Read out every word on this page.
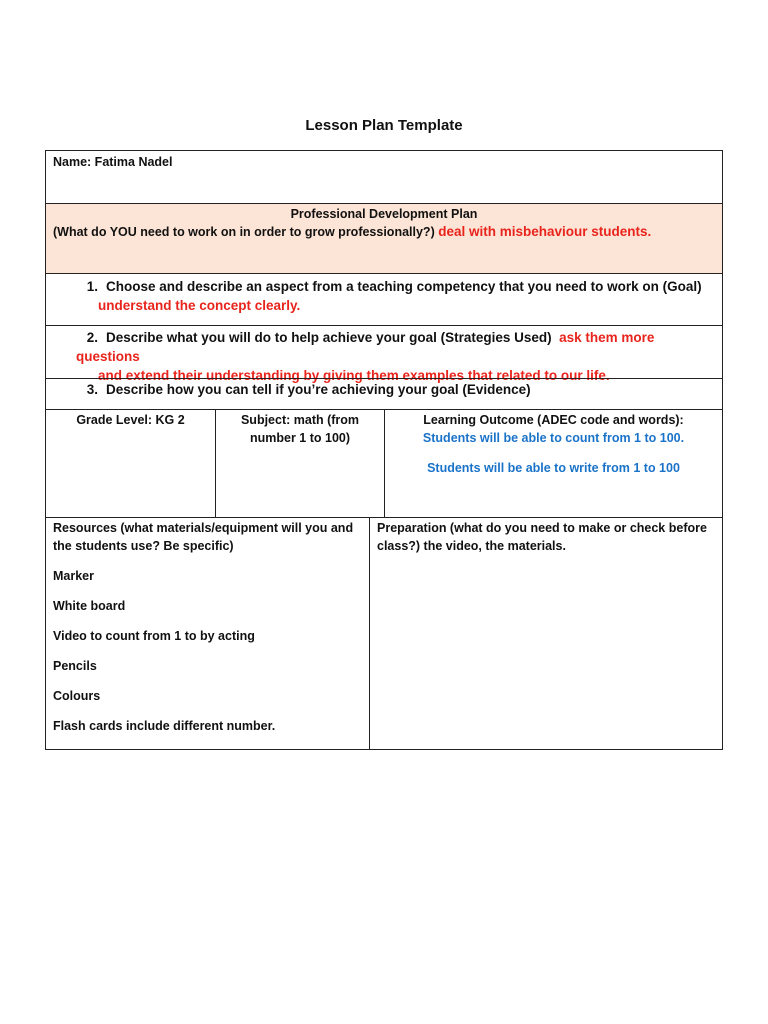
Lesson Plan Template

Name: Fatima Nadel

Professional Development Plan

(What do YOU need to work on in order to grow professionally?) deal with misbehaviour students.

1. Choose and describe an aspect from a teaching competency that you need to work on (Goal)

understand the concept clearly.

2. Describe what you will do to help achieve your goal (Strategies Used) ask them more questions

and extend their understanding by giving them examples that related to our life.

3. Describe how you can tell if you’re achieving your goal (Evidence)

Grade Level: KG 2	Subject: math (from

number 1 to 100)

Learning Outcome (ADEC code and words):

Students will be able to count from 1 to 100.

Students will be able to write from 1 to 100

Resources (what materials/equipment will you and

the students use? Be specific)

Marker

White board

Video to count from 1 to by acting

Pencils

Colours

Flash cards include different number.

Preparation (what do you need to make or check before

class?) the video, the materials.
